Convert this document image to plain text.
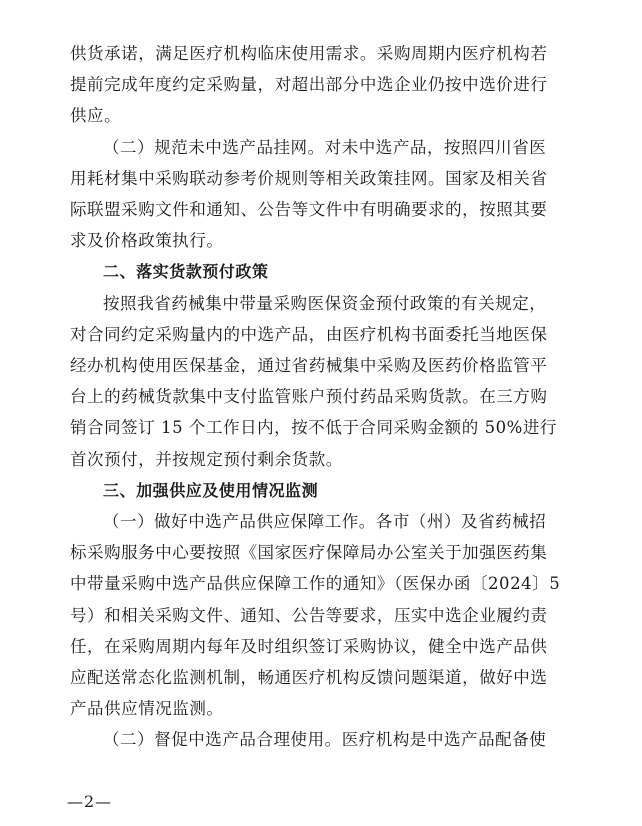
供货承诺，满足医疗机构临床使用需求。采购周期内医疗机构若
提前完成年度约定采购量，对超出部分中选企业仍按中选价进行
供应。
（二）规范未中选产品挂网。对未中选产品，按照四川省医
用耗材集中采购联动参考价规则等相关政策挂网。国家及相关省
际联盟采购文件和通知、公告等文件中有明确要求的，按照其要
求及价格政策执行。
二、落实货款预付政策
按照我省药械集中带量采购医保资金预付政策的有关规定，
对合同约定采购量内的中选产品，由医疗机构书面委托当地医保
经办机构使用医保基金，通过省药械集中采购及医药价格监管平
台上的药械货款集中支付监管账户预付药品采购货款。在三方购
销合同签订 15 个工作日内，按不低于合同采购金额的 50%进行
首次预付，并按规定预付剩余货款。
三、加强供应及使用情况监测
（一）做好中选产品供应保障工作。各市（州）及省药械招
标采购服务中心要按照《国家医疗保障局办公室关于加强医药集
中带量采购中选产品供应保障工作的通知》（医保办函〔2024〕5
号）和相关采购文件、通知、公告等要求，压实中选企业履约责
任，在采购周期内每年及时组织签订采购协议，健全中选产品供
应配送常态化监测机制，畅通医疗机构反馈问题渠道，做好中选
产品供应情况监测。
（二）督促中选产品合理使用。医疗机构是中选产品配备使
—2—
